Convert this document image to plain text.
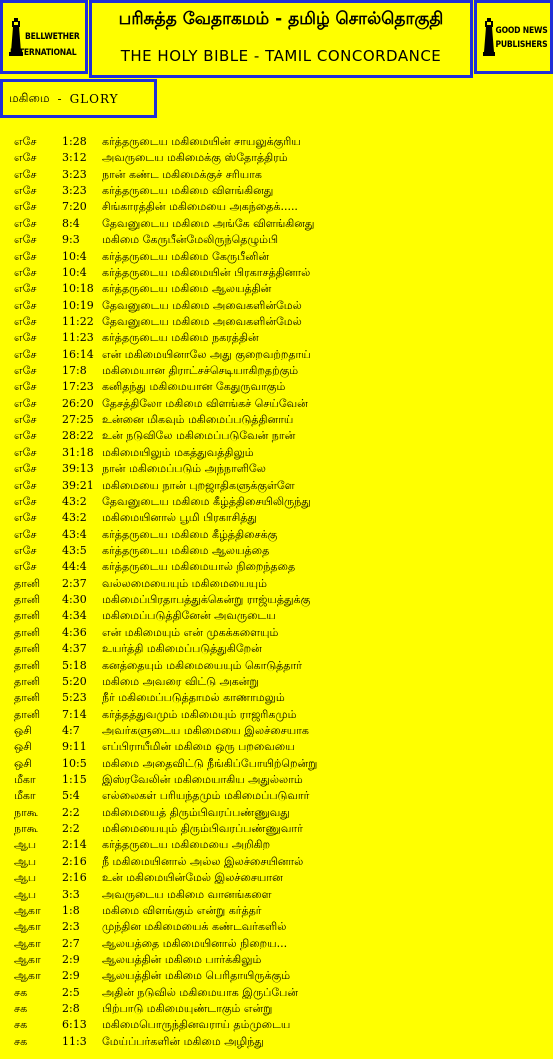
BELLWETHER
INTERNATIONAL
பரிசுத்த வேதாகமம் - தமிழ் சொல்தொகுதி
THE HOLY BIBLE - TAMIL CONCORDANCE
GOOD NEWS
PUBLISHERS
மகிமை - GLORY
எசே	1:28	கர்த்தருடைய மகிமையின் சாயலுக்குரிய
எசே	3:12	அவருடைய மகிமைக்கு ஸ்தோத்திரம்
எசே	3:23	நான் கண்ட மகிமைக்குச் சரியாக
எசே	3:23	கர்த்தருடைய மகிமை விளங்கினது
எசே	7:20	சிங்காரத்தின் மகிமையை அகந்தைக்.....
எசே	8:4	தேவனுடைய மகிமை அங்கே விளங்கினது
எசே	9:3	மகிமை கேருபீன்மேலிருந்தெழும்பி
எசே	10:4	கர்த்தருடைய மகிமை கேருபீனின்
எசே	10:4	கர்த்தருடைய மகிமையின் பிரகாசத்தினால்
எசே	10:18 கர்த்தருடைய மகிமை ஆலயத்தின்
எசே	10:19 தேவனுடைய மகிமை அவைகளின்மேல்
எசே	11:22 தேவனுடைய மகிமை அவைகளின்மேல்
எசே	11:23 கர்த்தருடைய மகிமை நகரத்தின்
எசே	16:14 என் மகிமையினாலே அது குறைவற்றதாய்
எசே	17:8	மகிமையான திராட்சச்செடியாகிறதற்கும்
எசே	17:23 கனிதந்து மகிமையான கேதுருவாகும்
எசே	26:20 தேசத்திலோ மகிமை விளங்கச் செய்வேன்
எசே	27:25 உன்னை மிகவும் மகிமைப்படுத்தினாய்
எசே	28:22 உன் நடுவிலே மகிமைப்படுவேன் நான்
எசே	31:18 மகிமையிலும் மகத்துவத்திலும்
எசே	39:13 நான் மகிமைப்படும் அந்நாளிலே
எசே	39:21 மகிமையை நான் புறஜாதிகளுக்குள்ளே
எசே	43:2	தேவனுடைய மகிமை கீழ்த்திசையிலிருந்து
எசே	43:2	மகிமையினால் பூமி பிரகாசித்து
எசே	43:4	கர்த்தருடைய மகிமை கீழ்த்திசைக்கு
எசே	43:5	கர்த்தருடைய மகிமை ஆலயத்தை
எசே	44:4	கர்த்தருடைய மகிமையால் நிறைந்ததை
தானி	2:37	வல்லமையையும் மகிமையையும்
தானி	4:30	மகிமைப்பிரதாபத்துக்கென்று ராஜ்யத்துக்கு
தானி	4:34	மகிமைப்படுத்தினேன் அவருடைய
தானி	4:36	என் மகிமையும் என் முகக்களையும்
தானி	4:37	உயர்த்தி மகிமைப்படுத்துகிறேன்
தானி	5:18	கனத்தையும் மகிமையையும் கொடுத்தார்
தானி	5:20	மகிமை அவரை விட்டு அகன்று
தானி	5:23	நீர் மகிமைப்படுத்தாமல் காணாமலும்
தானி	7:14	கர்த்தத்துவமும் மகிமையும் ராஜரிகமும்
ஒசி	4:7	அவர்களுடைய மகிமையை இலச்சையாக
ஒசி	9:11	எப்பிராயீமின் மகிமை ஒரு பறவையை
ஒசி	10:5	மகிமை அதைவிட்டு நீங்கிப்போயிற்றென்று
மீகா	1:15	இஸ்ரவேலின் மகிமையாகிய அதுல்லாம்
மீகா	5:4	எல்லைகள் பரியந்தமும் மகிமைப்படுவார்
நாகூ	2:2	மகிமையைத் திரும்பிவரப்பண்ணுவது
நாகூ	2:2	மகிமையையும் திரும்பிவரப்பண்ணுவார்
ஆப	2:14	கர்த்தருடைய மகிமையை அறிகிற
ஆப	2:16	நீ மகிமையினால் அல்ல இலச்சையினால்
ஆப	2:16	உன் மகிமையின்மேல் இலச்சையான
ஆப	3:3	அவருடைய மகிமை வானங்களை
ஆகா	1:8	மகிமை விளங்கும் என்று கர்த்தர்
ஆகா	2:3	முந்தின மகிமையைக் கண்டவர்களில்
ஆகா	2:7	ஆலயத்தை மகிமையினால் நிறைய...
ஆகா	2:9	ஆலயத்தின் மகிமை பார்க்கிலும்
ஆகா	2:9	ஆலயத்தின் மகிமை பெரிதாயிருக்கும்
சக	2:5	அதின் நடுவில் மகிமையாக இருப்பேன்
சக	2:8	பிற்பாடு மகிமையுண்டாகும் என்று
சக	6:13	மகிமைபொருந்தினவராய் தம்முடைய
சக	11:3	மேய்ப்பர்களின் மகிமை அழிந்து
